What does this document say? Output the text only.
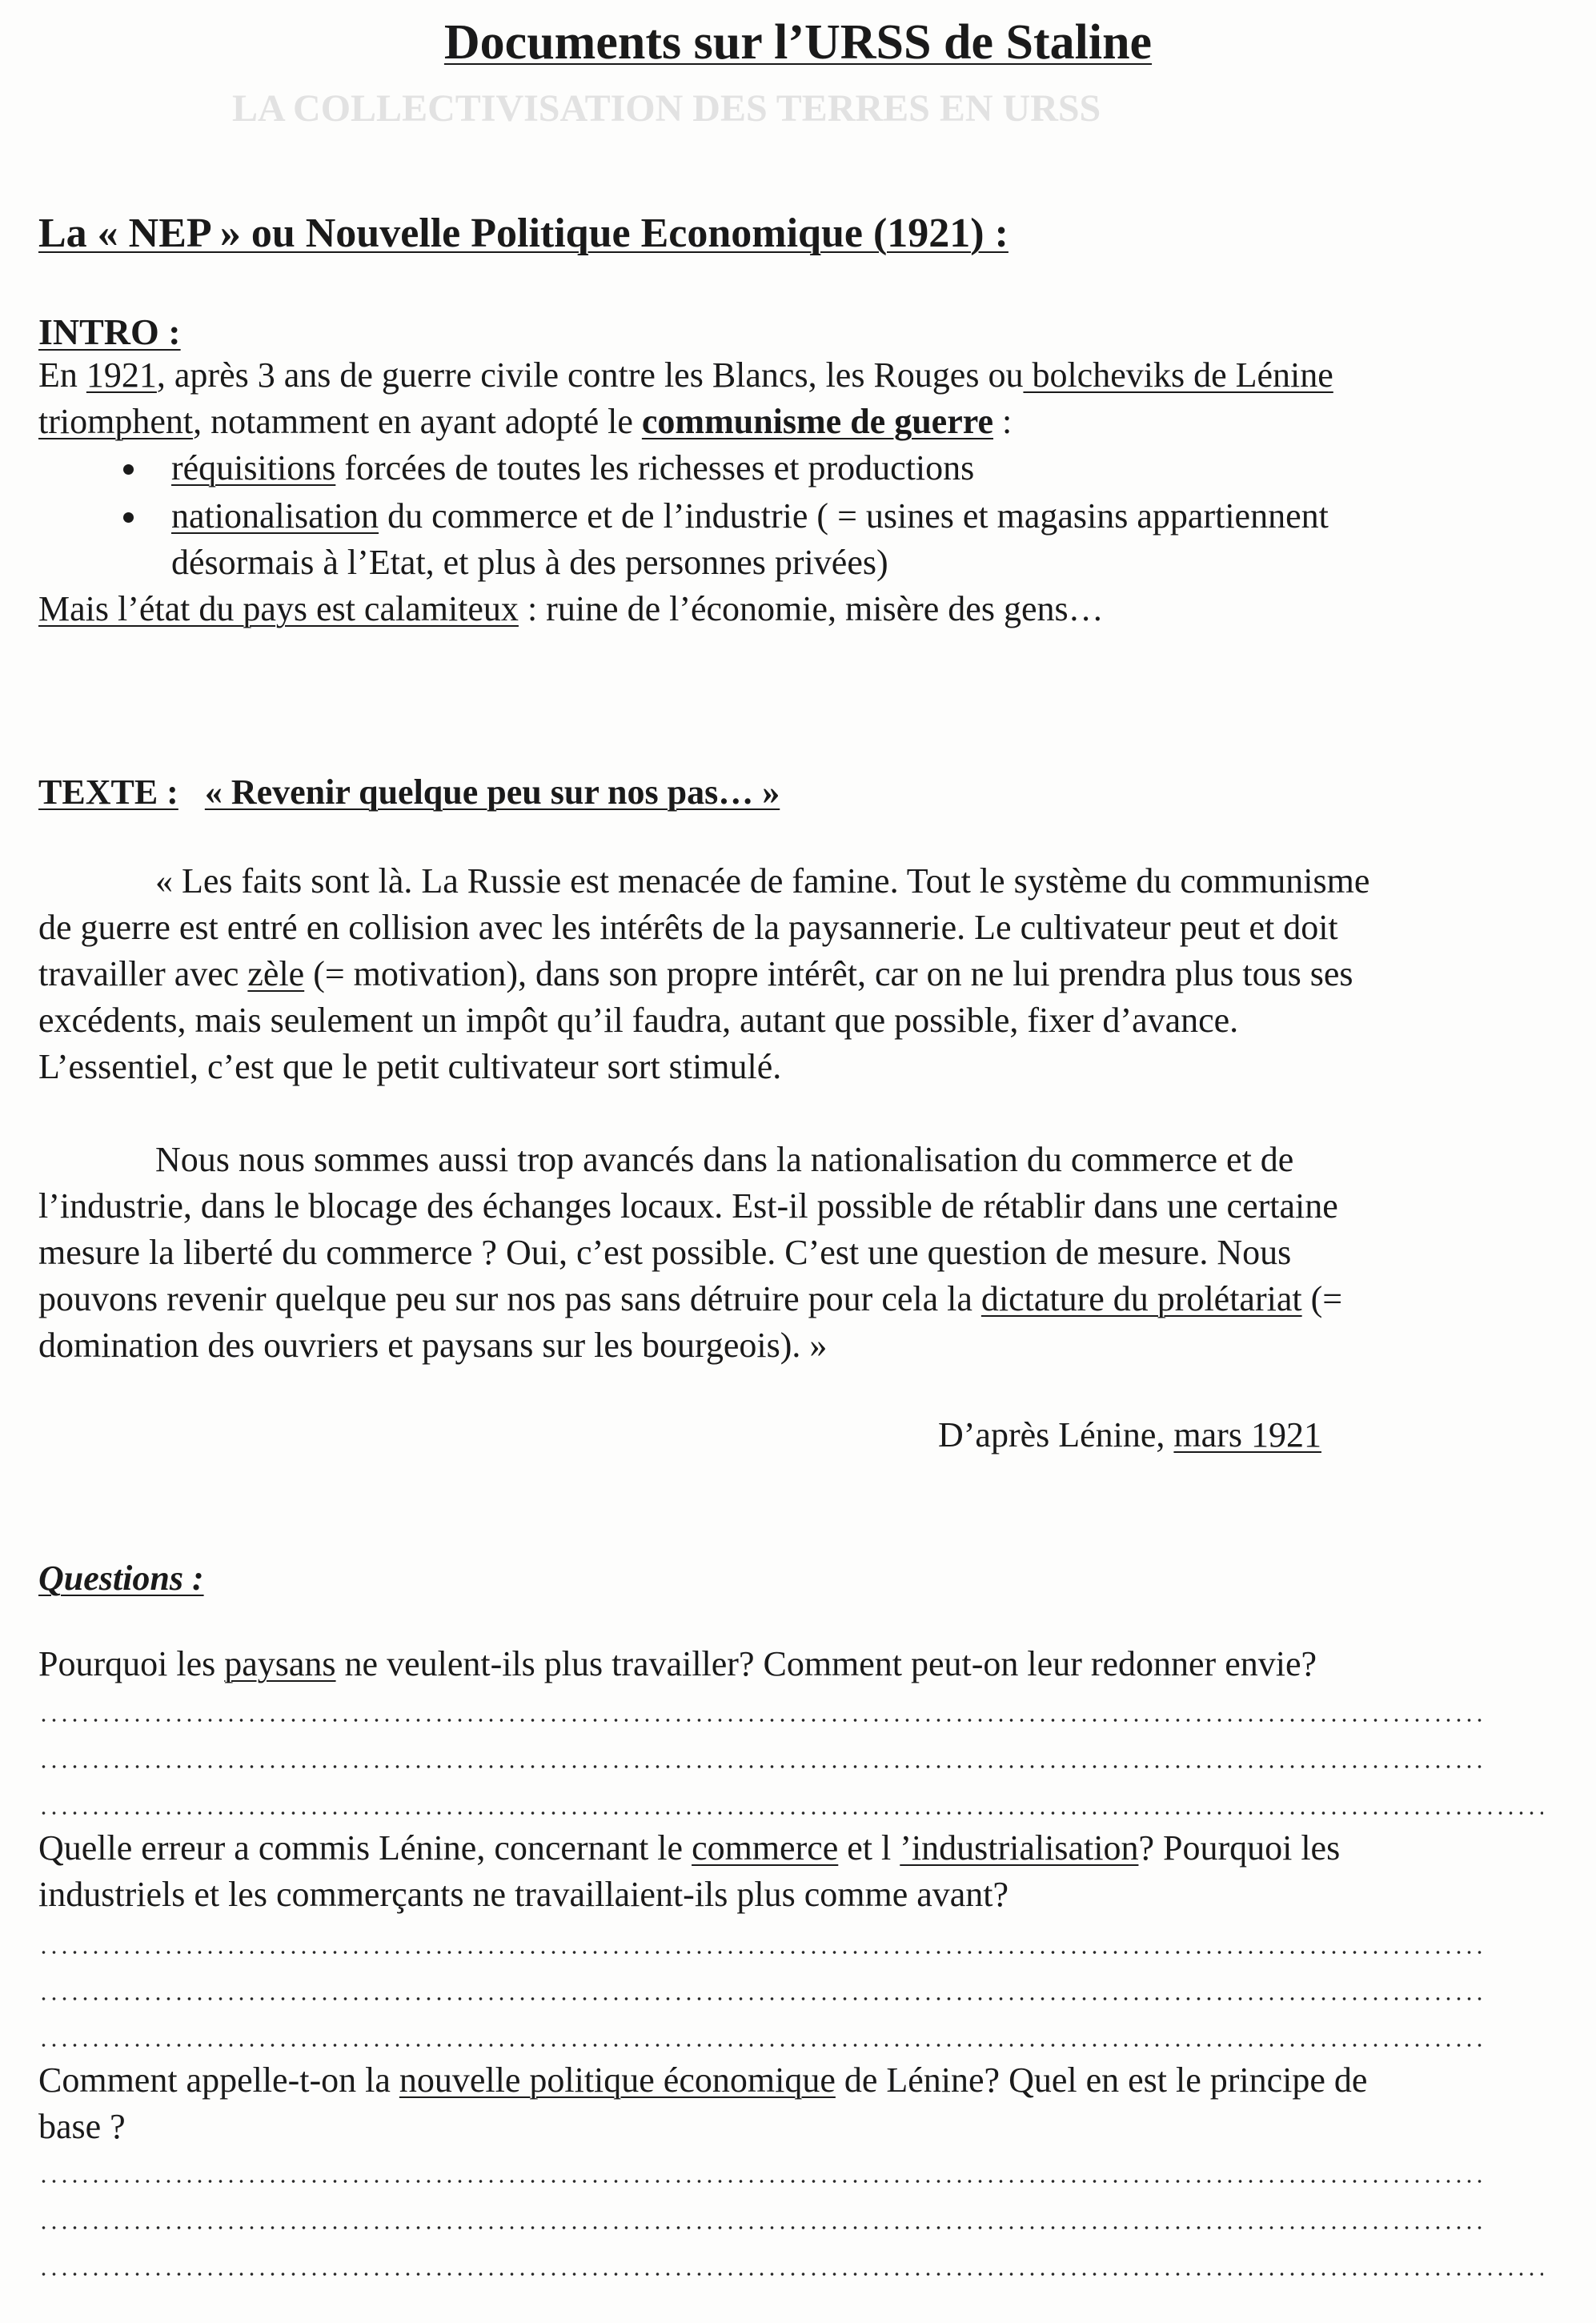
LA COLLECTIVISATION DES TERRES EN URSS
Documents sur l’URSS de Staline
La « NEP » ou Nouvelle Politique Economique (1921) :
INTRO :
En 1921, après 3 ans de guerre civile contre les Blancs, les Rouges ou bolcheviks de Lénine
triomphent, notamment en ayant adopté le communisme de guerre :
réquisitions forcées de toutes les richesses et productions
nationalisation du commerce et de l’industrie ( = usines et magasins appartiennent
désormais à l’Etat, et plus à des personnes privées)
Mais l’état du pays est calamiteux : ruine de l’économie, misère des gens…
TEXTE : « Revenir quelque peu sur nos pas… »
« Les faits sont là. La Russie est menacée de famine. Tout le système du communisme
de guerre est entré en collision avec les intérêts de la paysannerie. Le cultivateur peut et doit
travailler avec zèle (= motivation), dans son propre intérêt, car on ne lui prendra plus tous ses
excédents, mais seulement un impôt qu’il faudra, autant que possible, fixer d’avance.
L’essentiel, c’est que le petit cultivateur sort stimulé.
Nous nous sommes aussi trop avancés dans la nationalisation du commerce et de
l’industrie, dans le blocage des échanges locaux. Est-il possible de rétablir dans une certaine
mesure la liberté du commerce ? Oui, c’est possible. C’est une question de mesure. Nous
pouvons revenir quelque peu sur nos pas sans détruire pour cela la dictature du prolétariat (=
domination des ouvriers et paysans sur les bourgeois). »
D’après Lénine, mars 1921
Questions :
Pourquoi les paysans ne veulent-ils plus travailler? Comment peut-on leur redonner envie?
Quelle erreur a commis Lénine, concernant le commerce et l ’industrialisation? Pourquoi les
industriels et les commerçants ne travaillaient-ils plus comme avant?
Comment appelle-t-on la nouvelle politique économique de Lénine? Quel en est le principe de
base ?
